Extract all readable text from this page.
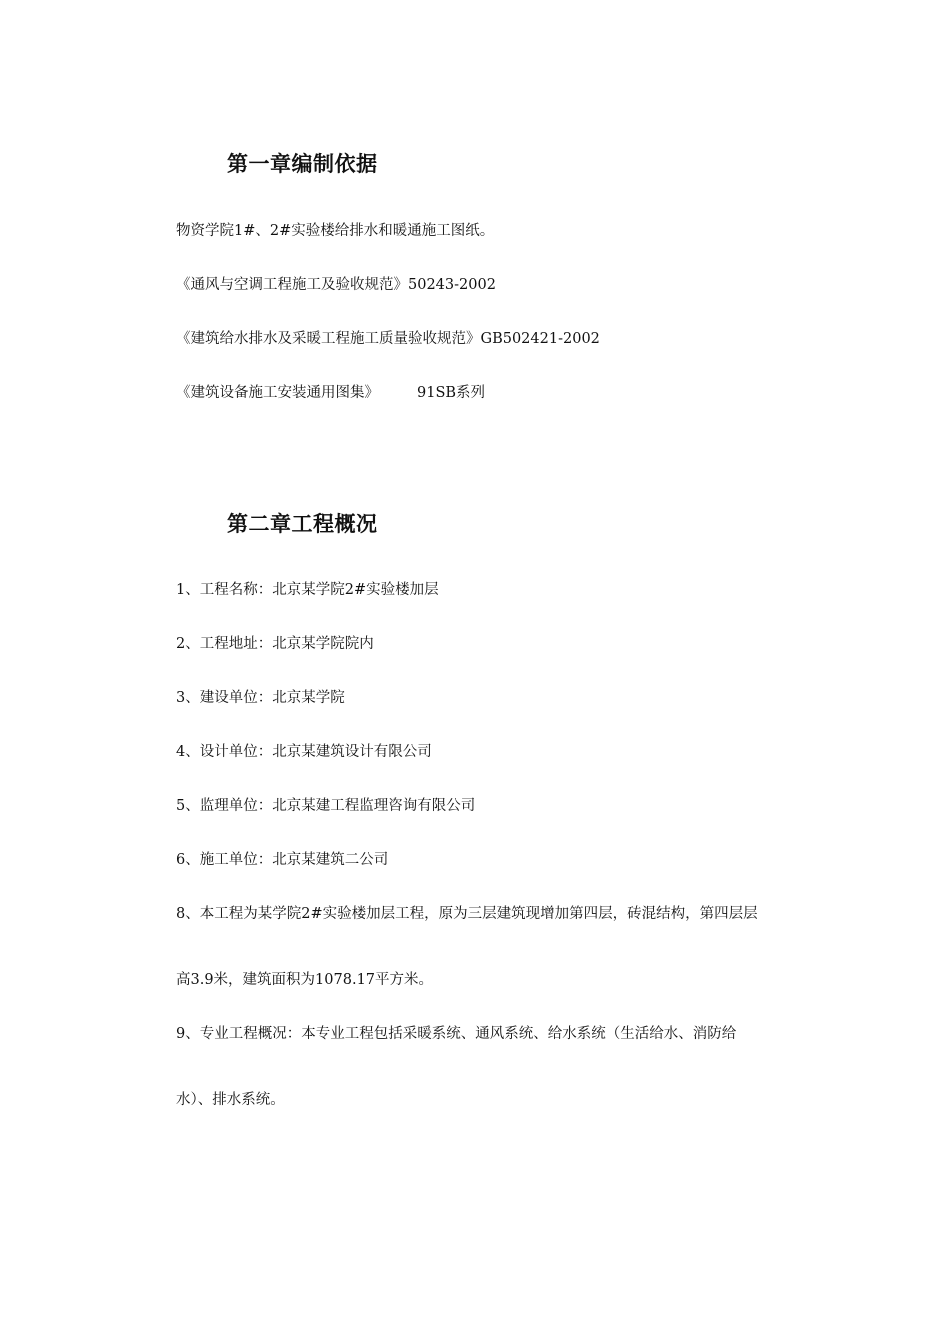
第一章编制依据

物资学院1#、2#实验楼给排水和暖通施工图纸。

《通风与空调工程施工及验收规范》50243-2002

《建筑给水排水及采暖工程施工质量验收规范》GB502421-2002

《建筑设备施工安装通用图集》	91SB系列

第二章工程概况

1、工程名称：北京某学院2#实验楼加层

2、工程地址：北京某学院院内

3、建设单位：北京某学院

4、设计单位：北京某建筑设计有限公司

5、监理单位：北京某建工程监理咨询有限公司

6、施工单位：北京某建筑二公司

8、本工程为某学院2#实验楼加层工程，原为三层建筑现增加第四层，砖混结构，第四层层

高3.9米，建筑面积为1078.17平方米。

9、专业工程概况：本专业工程包括采暖系统、通风系统、给水系统（生活给水、消防给

水）、排水系统。
